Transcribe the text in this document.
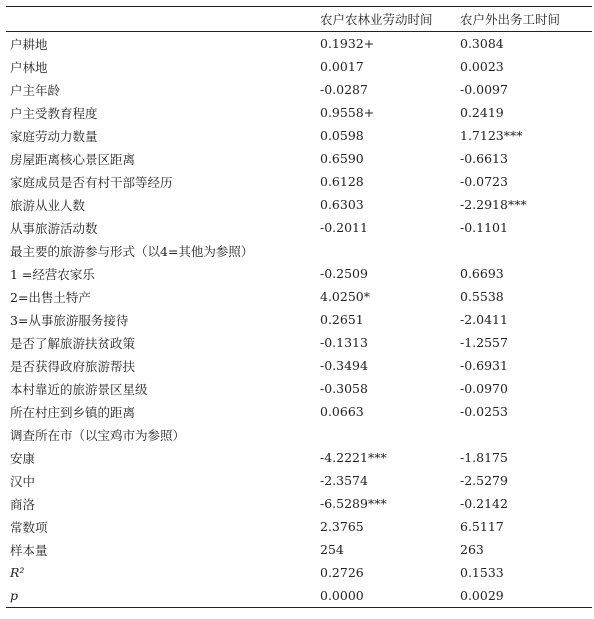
	农户农林业劳动时间	农户外出务工时间
户耕地	0.1932+	0.3084
户林地	0.0017	0.0023
户主年龄	-0.0287	-0.0097
户主受教育程度	0.9558+	0.2419
家庭劳动力数量	0.0598	1.7123***
房屋距离核心景区距离	0.6590	-0.6613
家庭成员是否有村干部等经历	0.6128	-0.0723
旅游从业人数	0.6303	-2.2918***
从事旅游活动数	-0.2011	-0.1101
最主要的旅游参与形式（以4=其他为参照）		
1 =经营农家乐	-0.2509	0.6693
2=出售土特产	4.0250*	0.5538
3=从事旅游服务接待	0.2651	-2.0411
是否了解旅游扶贫政策	-0.1313	-1.2557
是否获得政府旅游帮扶	-0.3494	-0.6931
本村靠近的旅游景区星级	-0.3058	-0.0970
所在村庄到乡镇的距离	0.0663	-0.0253
调查所在市（以宝鸡市为参照）		
安康	-4.2221***	-1.8175
汉中	-2.3574	-2.5279
商洛	-6.5289***	-0.2142
常数项	2.3765	6.5117
样本量	254	263
R²	0.2726	0.1533
p	0.0000	0.0029
